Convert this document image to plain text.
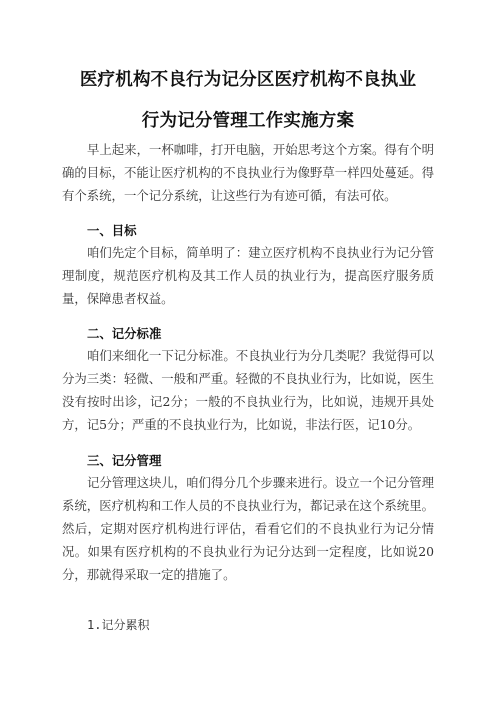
医疗机构不良行为记分区医疗机构不良执业
行为记分管理工作实施方案

早上起来，一杯咖啡，打开电脑，开始思考这个方案。得有个明确的目标，不能让医疗机构的不良执业行为像野草一样四处蔓延。得有个系统，一个记分系统，让这些行为有迹可循，有法可依。

一、目标

咱们先定个目标，简单明了：建立医疗机构不良执业行为记分管理制度，规范医疗机构及其工作人员的执业行为，提高医疗服务质量，保障患者权益。

二、记分标准

咱们来细化一下记分标准。不良执业行为分几类呢？我觉得可以分为三类：轻微、一般和严重。轻微的不良执业行为，比如说，医生没有按时出诊，记2分；一般的不良执业行为，比如说，违规开具处方，记5分；严重的不良执业行为，比如说，非法行医，记10分。

三、记分管理

记分管理这块儿，咱们得分几个步骤来进行。设立一个记分管理系统，医疗机构和工作人员的不良执业行为，都记录在这个系统里。然后，定期对医疗机构进行评估，看看它们的不良执业行为记分情况。如果有医疗机构的不良执业行为记分达到一定程度，比如说20分，那就得采取一定的措施了。

1.记分累积
